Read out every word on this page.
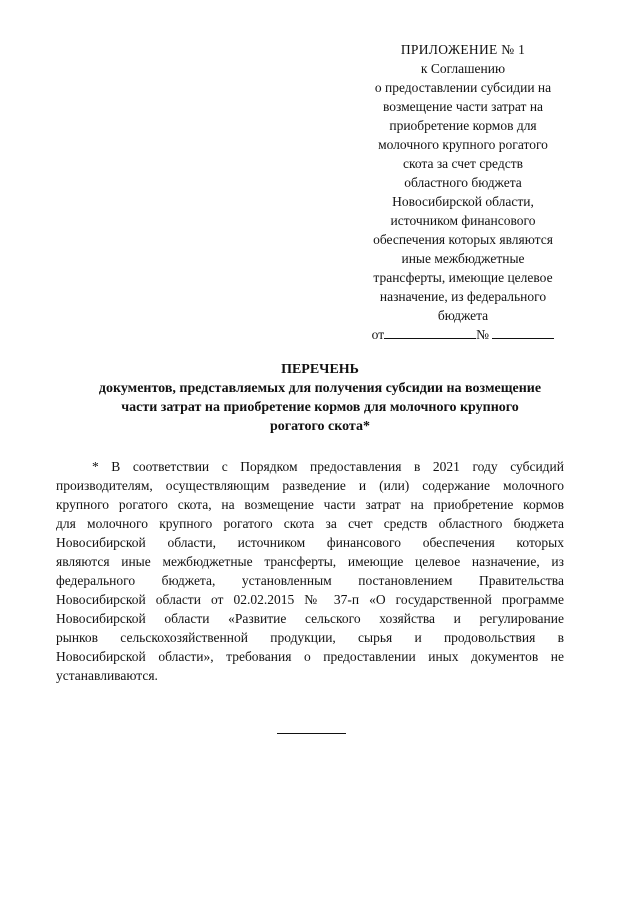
ПРИЛОЖЕНИЕ № 1
к Соглашению
о предоставлении субсидии на
возмещение части затрат на
приобретение кормов для
молочного крупного рогатого
скота за счет средств
областного бюджета
Новосибирской области,
источником финансового
обеспечения которых являются
иные межбюджетные
трансферты, имеющие целевое
назначение, из федерального
бюджета
от	№
ПЕРЕЧЕНЬ
документов, представляемых для получения субсидии на возмещение
части затрат на приобретение кормов для молочного крупного
рогатого скота*
* В соответствии с Порядком предоставления в 2021 году субсидий
производителям, осуществляющим разведение и (или) содержание молочного
крупного рогатого скота, на возмещение части затрат на приобретение кормов
для молочного крупного рогатого скота за счет средств областного бюджета
Новосибирской области, источником финансового обеспечения которых
являются иные межбюджетные трансферты, имеющие целевое назначение, из
федерального бюджета, установленным постановлением Правительства
Новосибирской области от 02.02.2015 № 37-п «О государственной программе
Новосибирской области «Развитие сельского хозяйства и регулирование
рынков сельскохозяйственной продукции, сырья и продовольствия в
Новосибирской области», требования о предоставлении иных документов не
устанавливаются.
